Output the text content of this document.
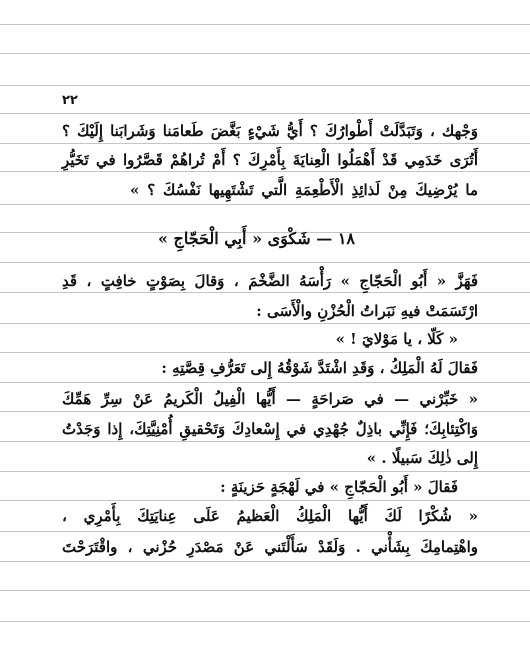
٢٢
وَجْهك ، وَتَبَدَّلَتْ أَطْوارُكَ ؟ أَيُّ شَيْءٍ بَغَّضَ طَعامَنا وَشَرابَنا إِلَيْكَ ؟
أَتُرَى خَدَمِي قَدْ أَهْمَلُوا الْعِنايَةَ بِأَمْرِكَ ؟ أَمْ تُراهُمْ قَصَّرُوا في تَخَيُّرِ
ما يُرْضِيكَ مِنْ لَذائِذِ الْأَطْعِمَةِ الَّتي تَشْتَهِيها نَفْسُكَ ؟ »
١٨ — شَكْوَى « أَبِي الْحَجّاجِ »
فَهَزَّ « أَبُو الْحَجّاجِ » رَأْسَهُ الضَّخْمَ ، وَقالَ بِصَوْتٍ خافِتٍ ، قَدِ
ارْتَسَمَتْ فيهِ نَبَراتُ الْحُزْنِ والْأَسَى :
« كَلّا ، يا مَوْلايَ ! »
فَقالَ لَهُ الْمَلِكُ ، وَقَدِ اشْتَدَّ شَوْقُهُ إِلى تَعَرُّفِ قِصَّتِهِ :
« خَبِّرْني — في صَراحَةٍ — أَيُّها الْفِيلُ الْكَريمُ عَنْ سِرِّ هَمِّكَ
وَاكْتِئابِكَ؛ فَإِنِّي باذِلٌ جُهْدِي في إِسْعادِكَ وَتَحْقيقِ أُمْنِيَّتِكَ، إِذا وَجَدْتُ
إِلى ذٰلِكَ سَبيلًا . »
فَقالَ « أَبُو الْحَجّاجِ » في لَهْجَةٍ حَزينَةٍ :
« شُكْرًا لَكَ أَيُّها الْمَلِكُ الْعَظيمُ عَلَى عِنايَتِكَ بِأَمْرِي ،
واهْتِمامِكَ بِشَأْني . وَلَقَدْ سَأَلْتَني عَنْ مَصْدَرِ حُزْني ، واقْتَرَحْتَ
